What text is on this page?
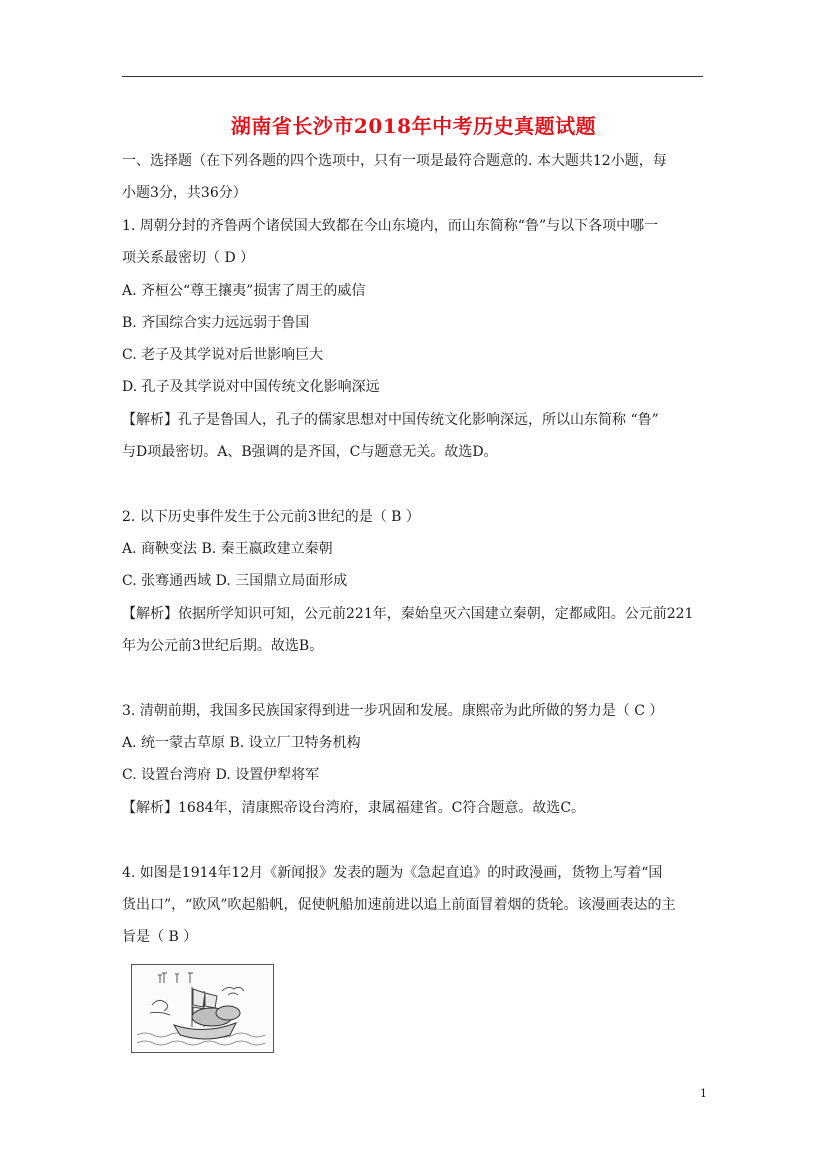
湖南省长沙市2018年中考历史真题试题
一、选择题（在下列各题的四个选项中，只有一项是最符合题意的. 本大题共12小题，每
小题3分，共36分）
1. 周朝分封的齐鲁两个诸侯国大致都在今山东境内，而山东简称“鲁”与以下各项中哪一
项关系最密切（ D ）
A. 齐桓公“尊王攘夷”损害了周王的威信
B. 齐国综合实力远远弱于鲁国
C. 老子及其学说对后世影响巨大
D. 孔子及其学说对中国传统文化影响深远
【解析】孔子是鲁国人，孔子的儒家思想对中国传统文化影响深远，所以山东简称 “鲁”
与D项最密切。A、B强调的是齐国，C与题意无关。故选D。
2. 以下历史事件发生于公元前3世纪的是（ B ）
A. 商鞅变法 B. 秦王嬴政建立秦朝
C. 张骞通西域 D. 三国鼎立局面形成
【解析】依据所学知识可知，公元前221年，秦始皇灭六国建立秦朝，定都咸阳。公元前221
年为公元前3世纪后期。故选B。
3. 清朝前期，我国多民族国家得到进一步巩固和发展。康熙帝为此所做的努力是（ C ）
A. 统一蒙古草原 B. 设立厂卫特务机构
C. 设置台湾府 D. 设置伊犁将军
【解析】1684年，清康熙帝设台湾府，隶属福建省。C符合题意。故选C。
4. 如图是1914年12月《新闻报》发表的题为《急起直追》的时政漫画，货物上写着“国
货出口”，“欧风”吹起船帆，促使帆船加速前进以追上前面冒着烟的货轮。该漫画表达的主
旨是（ B ）
1
